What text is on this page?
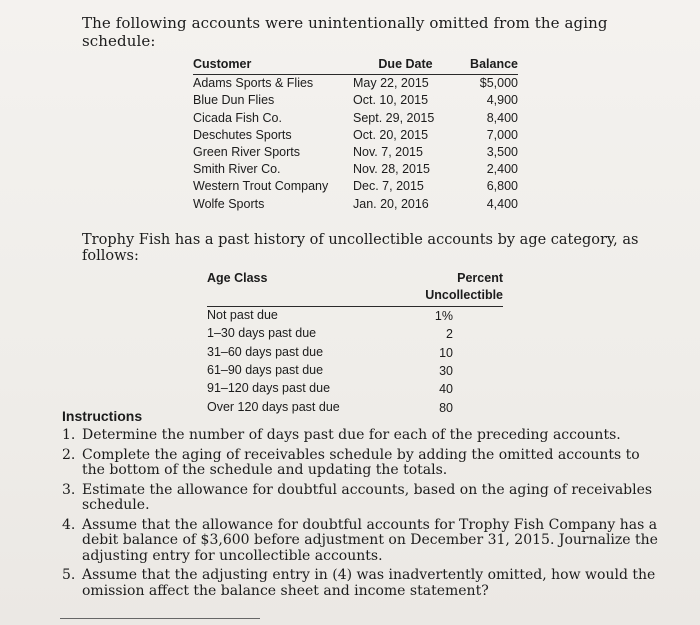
The following accounts were unintentionally omitted from the aging schedule:
Customer	Due Date	Balance
Adams Sports & Flies	May 22, 2015	$5,000
Blue Dun Flies	Oct. 10, 2015	4,900
Cicada Fish Co.	Sept. 29, 2015	8,400
Deschutes Sports	Oct. 20, 2015	7,000
Green River Sports	Nov. 7, 2015	3,500
Smith River Co.	Nov. 28, 2015	2,400
Western Trout Company	Dec. 7, 2015	6,800
Wolfe Sports	Jan. 20, 2016	4,400
Trophy Fish has a past history of uncollectible accounts by age category, as follows:
Age Class	Percent Uncollectible
Not past due	1%
1–30 days past due	2
31–60 days past due	10
61–90 days past due	30
91–120 days past due	40
Over 120 days past due	80
Instructions
1. Determine the number of days past due for each of the preceding accounts.
2. Complete the aging of receivables schedule by adding the omitted accounts to the bottom of the schedule and updating the totals.
3. Estimate the allowance for doubtful accounts, based on the aging of receivables schedule.
4. Assume that the allowance for doubtful accounts for Trophy Fish Company has a debit balance of $3,600 before adjustment on December 31, 2015. Journalize the adjusting entry for uncollectible accounts.
5. Assume that the adjusting entry in (4) was inadvertently omitted, how would the omission affect the balance sheet and income statement?
